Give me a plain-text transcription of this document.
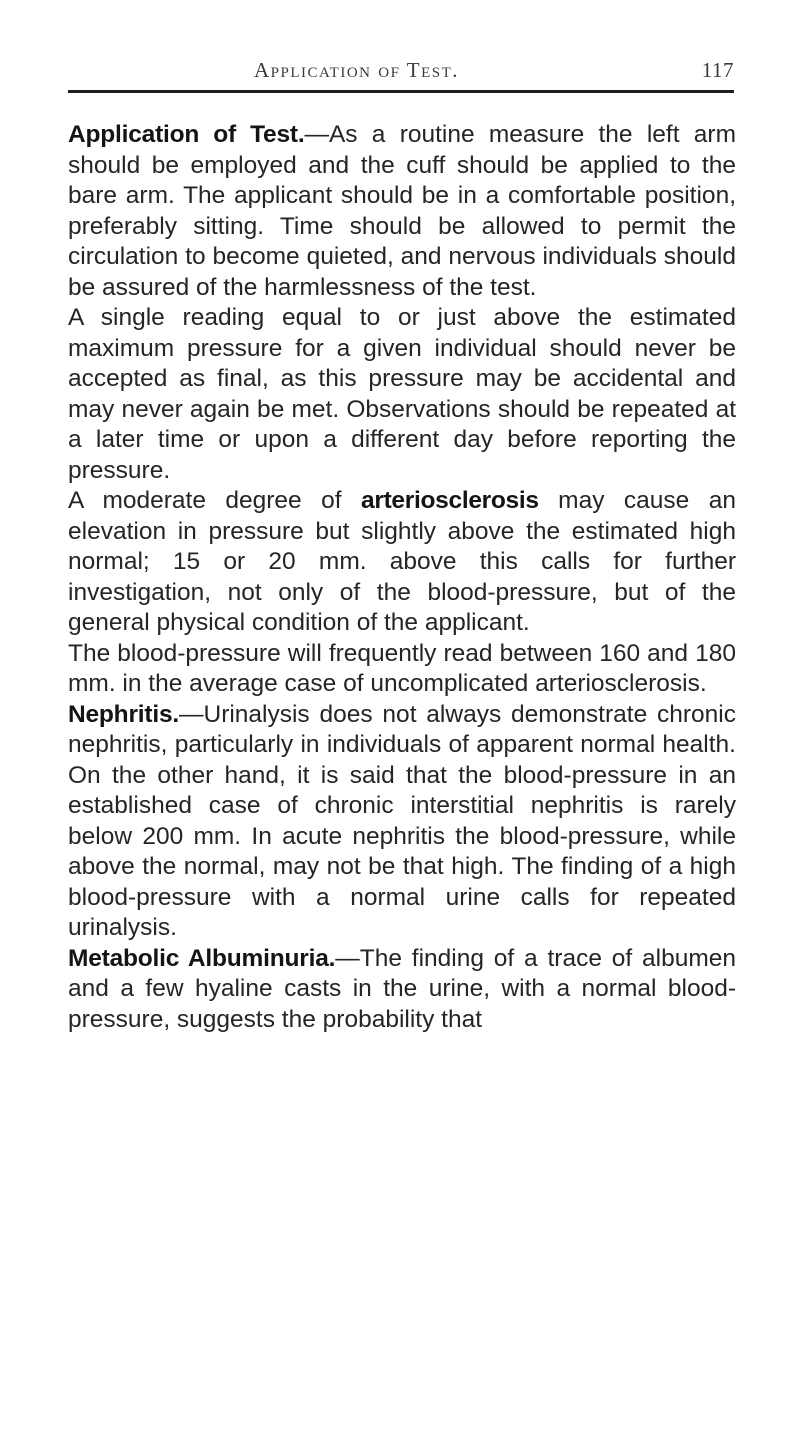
Application of Test.	117

Application of Test.—As a routine measure the left arm should be employed and the cuff should be applied to the bare arm. The applicant should be in a comfortable position, preferably sitting. Time should be allowed to permit the circulation to become quieted, and nervous individuals should be assured of the harmlessness of the test.

A single reading equal to or just above the estimated maximum pressure for a given individual should never be accepted as final, as this pressure may be accidental and may never again be met. Observations should be repeated at a later time or upon a different day before reporting the pressure.

A moderate degree of arteriosclerosis may cause an elevation in pressure but slightly above the estimated high normal; 15 or 20 mm. above this calls for further investigation, not only of the blood-pressure, but of the general physical condition of the applicant.

The blood-pressure will frequently read between 160 and 180 mm. in the average case of uncomplicated arteriosclerosis.

Nephritis.—Urinalysis does not always demonstrate chronic nephritis, particularly in individuals of apparent normal health. On the other hand, it is said that the blood-pressure in an established case of chronic interstitial nephritis is rarely below 200 mm. In acute nephritis the blood-pressure, while above the normal, may not be that high. The finding of a high blood-pressure with a normal urine calls for repeated urinalysis.

Metabolic Albuminuria.—The finding of a trace of albumen and a few hyaline casts in the urine, with a normal blood-pressure, suggests the probability that
